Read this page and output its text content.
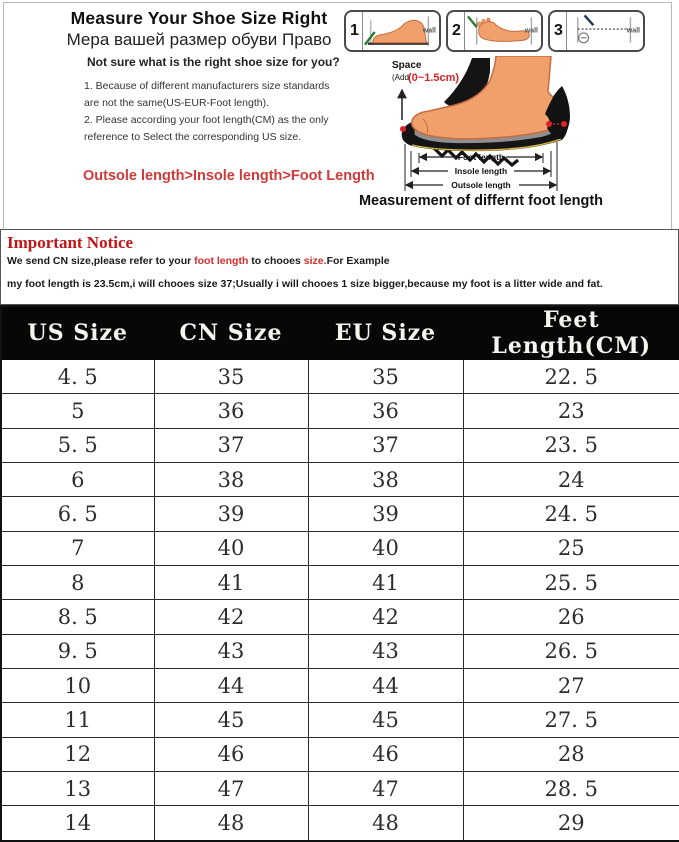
Measure Your Shoe Size Right
Мера вашей размер обуви Право
Not sure what is the right shoe size for you?
1. Because of different manufacturers size standards are not the same(US-EUR-Foot length).
2. Please according your foot length(CM) as the only reference to Select the corresponding US size.
Outsole length>Insole length>Foot Length
1	wall 2	wall 3	wall
Space
(Add (0~1.5cm)
Foot length
Insole length
Outsole length
Measurement of differnt foot length
Important Notice
We send CN size,please refer to your foot length to chooes size.For Example
my foot length is 23.5cm,i will chooes size 37;Usually i will chooes 1 size bigger,because my foot is a litter wide and fat.
US Size	CN Size	EU Size	Feet Length(CM)
4. 5	35	35	22. 5
5	36	36	23
5. 5	37	37	23. 5
6	38	38	24
6. 5	39	39	24. 5
7	40	40	25
8	41	41	25. 5
8. 5	42	42	26
9. 5	43	43	26. 5
10	44	44	27
11	45	45	27. 5
12	46	46	28
13	47	47	28. 5
14	48	48	29
